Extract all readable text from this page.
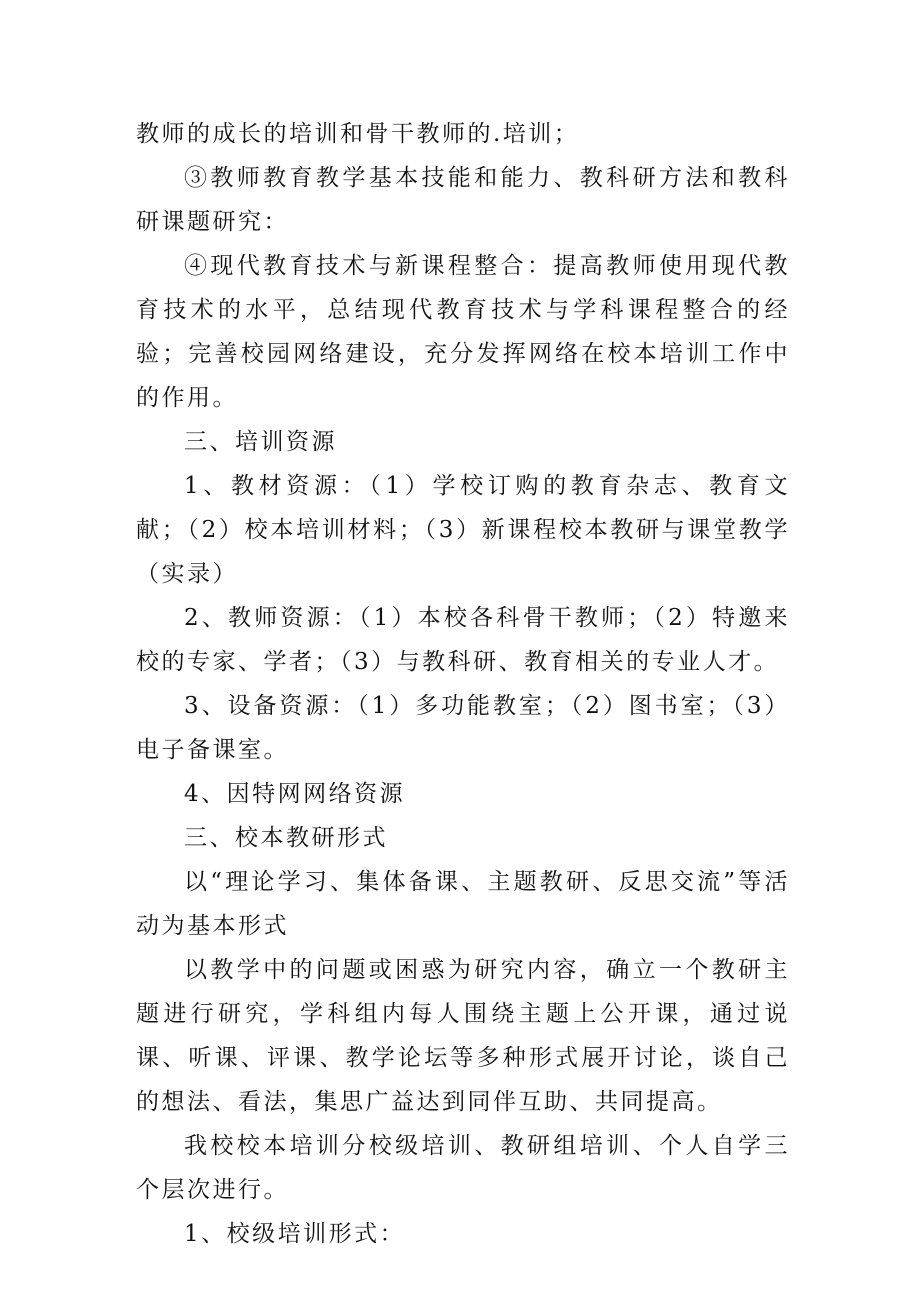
教师的成长的培训和骨干教师的.培训；

③教师教育教学基本技能和能力、教科研方法和教科研课题研究：

④现代教育技术与新课程整合：提高教师使用现代教育技术的水平，总结现代教育技术与学科课程整合的经验；完善校园网络建设，充分发挥网络在校本培训工作中的作用。

三、培训资源

1、教材资源：（1）学校订购的教育杂志、教育文献；（2）校本培训材料；（3）新课程校本教研与课堂教学（实录）

2、教师资源：（1）本校各科骨干教师；（2）特邀来校的专家、学者；（3）与教科研、教育相关的专业人才。

3、设备资源：（1）多功能教室；（2）图书室；（3）电子备课室。

4、因特网网络资源

三、校本教研形式

以“理论学习、集体备课、主题教研、反思交流”等活动为基本形式

以教学中的问题或困惑为研究内容，确立一个教研主题进行研究，学科组内每人围绕主题上公开课，通过说课、听课、评课、教学论坛等多种形式展开讨论，谈自己的想法、看法，集思广益达到同伴互助、共同提高。

我校校本培训分校级培训、教研组培训、个人自学三个层次进行。

1、校级培训形式：
